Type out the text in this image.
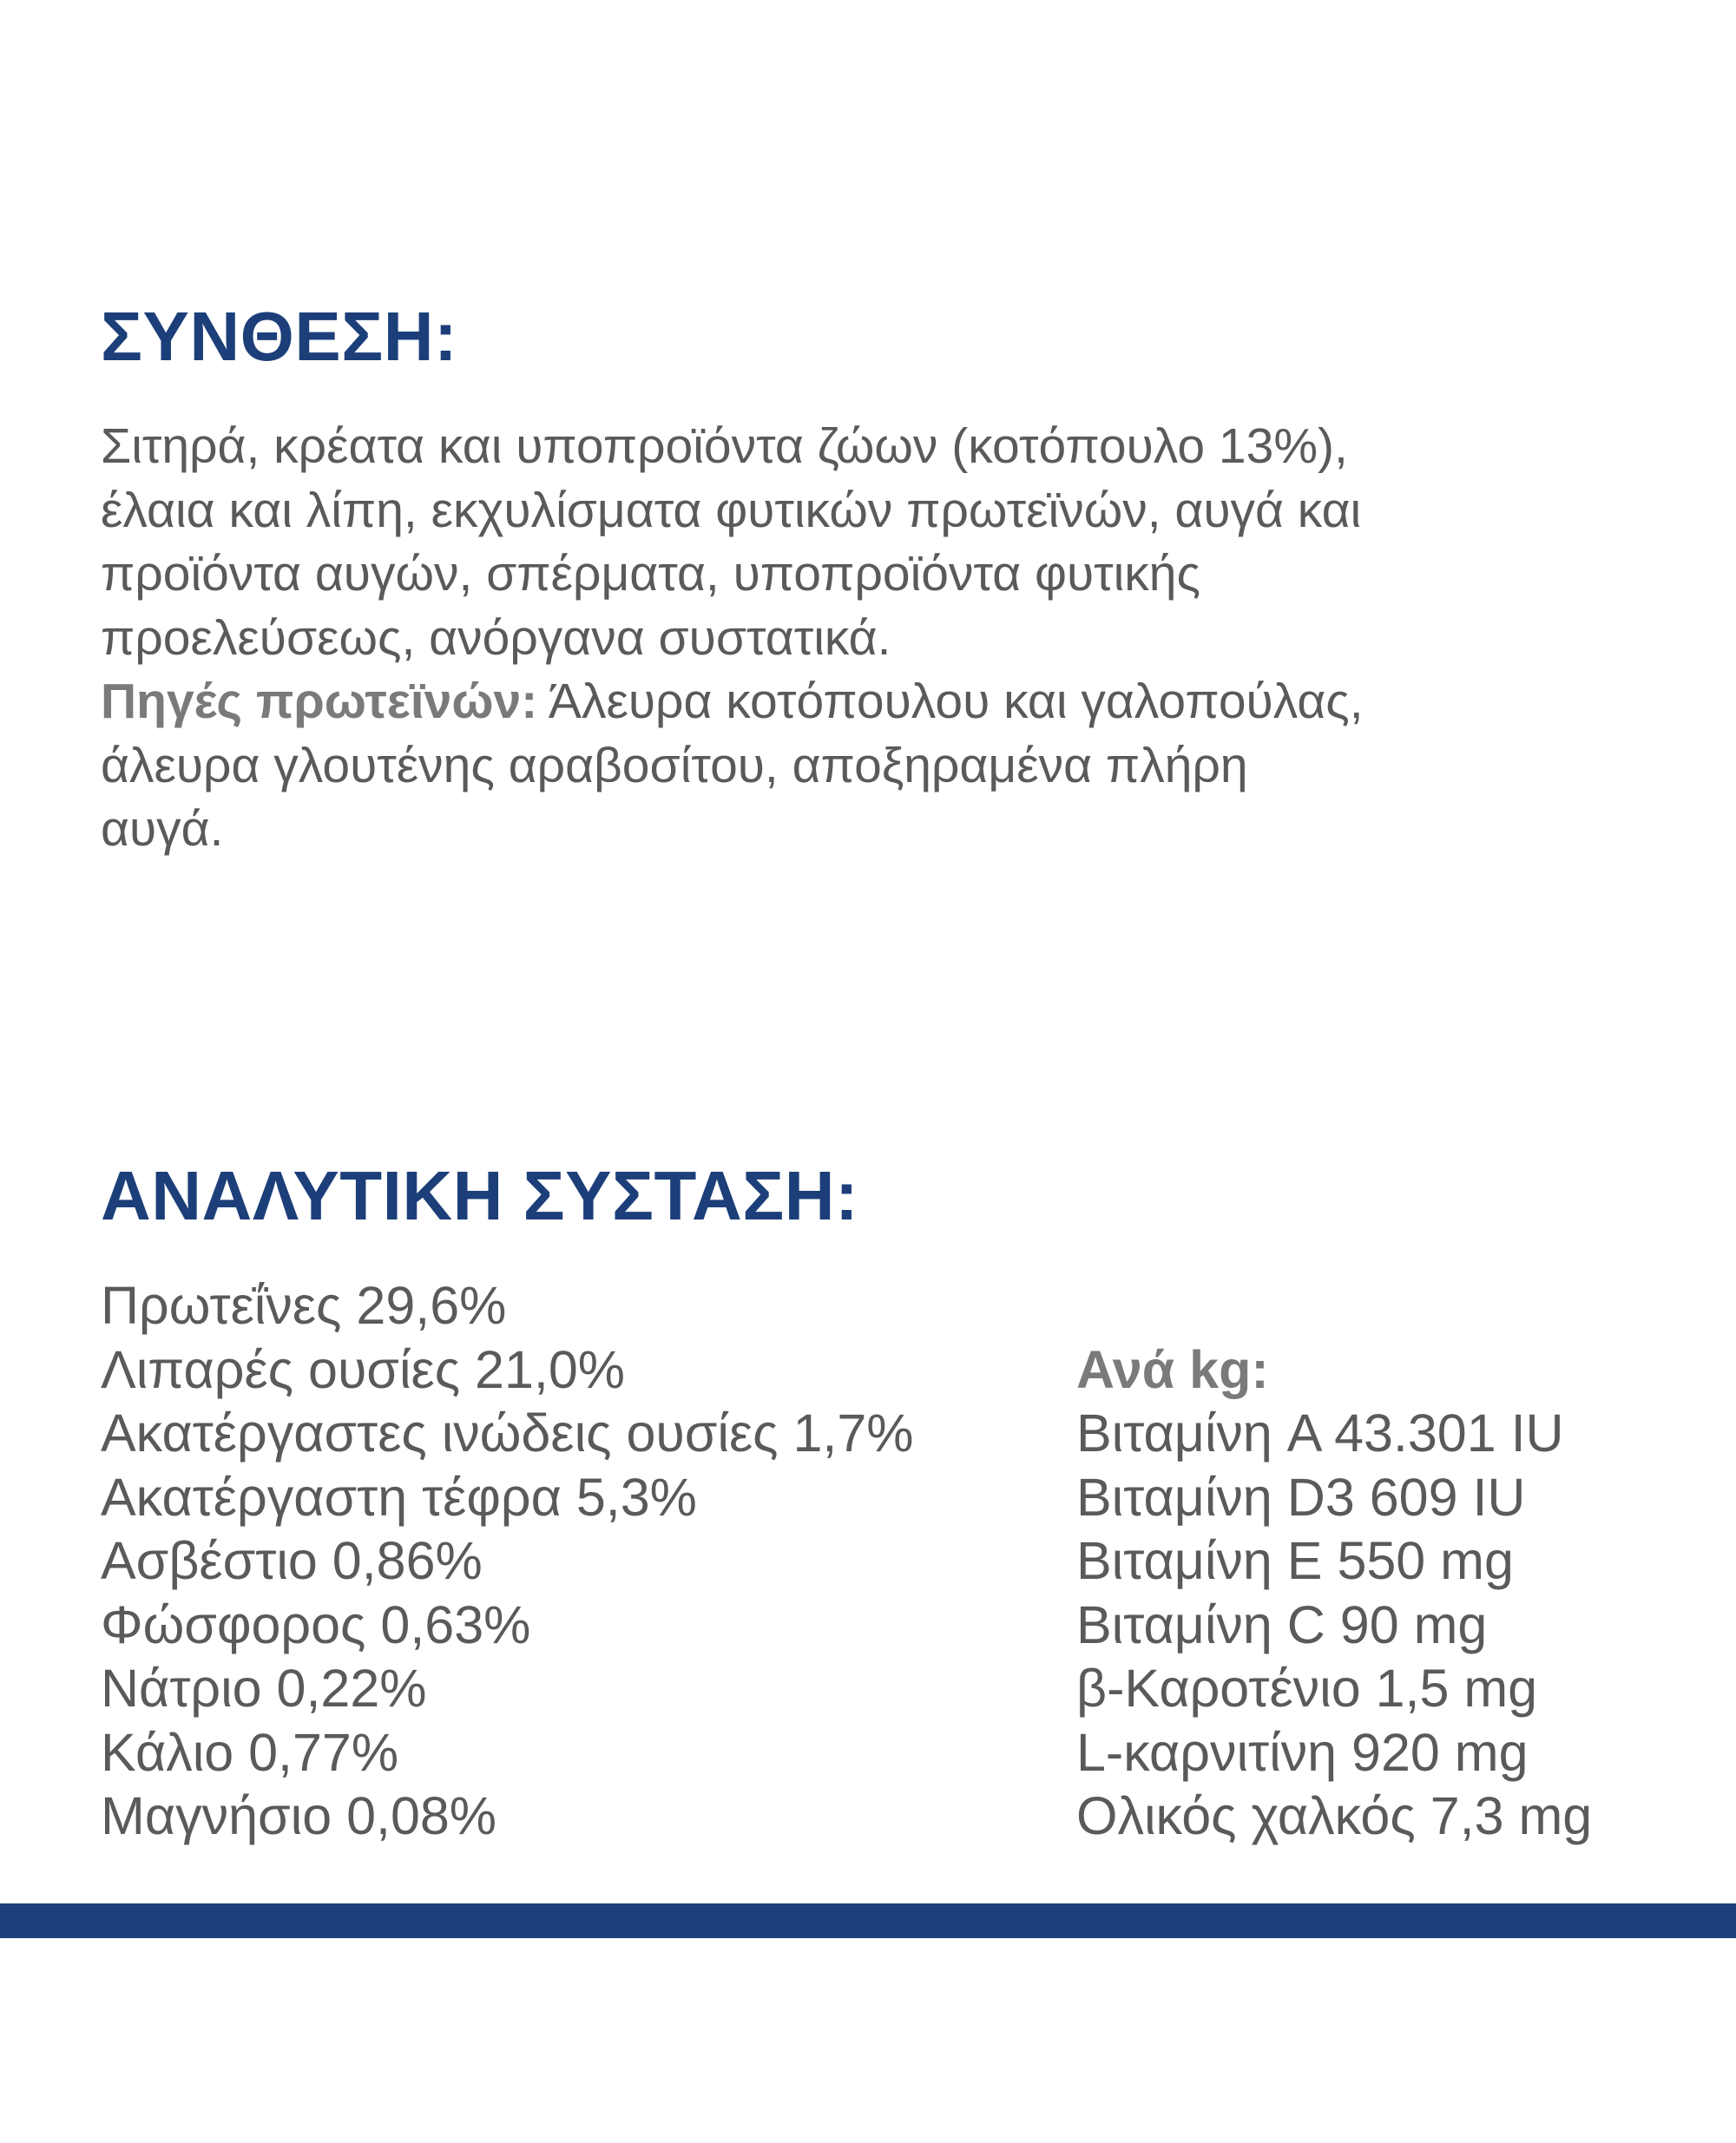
ΣΥΝΘΕΣΗ:
Σιτηρά, κρέατα και υποπροϊόντα ζώων (κοτόπουλο 13%),
έλαια και λίπη, εκχυλίσματα φυτικών πρωτεϊνών, αυγά και
προϊόντα αυγών, σπέρματα, υποπροϊόντα φυτικής
προελεύσεως, ανόργανα συστατικά.
Πηγές πρωτεϊνών: Άλευρα κοτόπουλου και γαλοπούλας,
άλευρα γλουτένης αραβοσίτου, αποξηραμένα πλήρη
αυγά.
ΑΝΑΛΥΤΙΚΗ ΣΥΣΤΑΣΗ:
Πρωτεΐνες 29,6%
Λιπαρές ουσίες 21,0%
Ακατέργαστες ινώδεις ουσίες 1,7%
Ακατέργαστη τέφρα 5,3%
Ασβέστιο 0,86%
Φώσφορος 0,63%
Νάτριο 0,22%
Κάλιο 0,77%
Μαγνήσιο 0,08%
Ανά kg:
Βιταμίνη A 43.301 IU
Βιταμίνη D3 609 IU
Βιταμίνη E 550 mg
Βιταμίνη C 90 mg
β-Καροτένιο 1,5 mg
L-καρνιτίνη 920 mg
Ολικός χαλκός 7,3 mg
